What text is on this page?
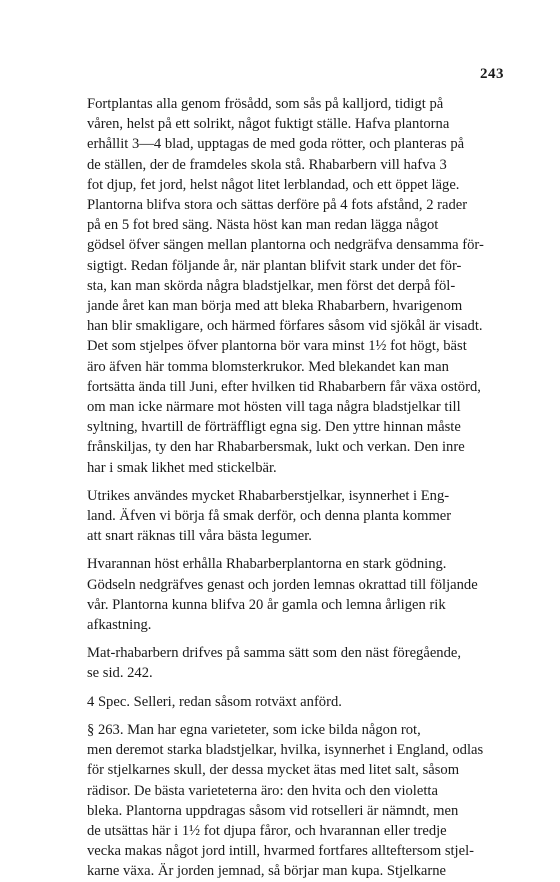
243
Fortplantas alla genom frösådd, som sås på kalljord, tidigt på
våren, helst på ett solrikt, något fuktigt ställe. Hafva plantorna
erhållit 3—4 blad, upptagas de med goda rötter, och planteras på
de ställen, der de framdeles skola stå. Rhabarbern vill hafva 3
fot djup, fet jord, helst något litet lerblandad, och ett öppet läge.
Plantorna blifva stora och sättas derföre på 4 fots afstånd, 2 rader
på en 5 fot bred säng. Nästa höst kan man redan lägga något
gödsel öfver sängen mellan plantorna och nedgräfva densamma för-
sigtigt. Redan följande år, när plantan blifvit stark under det för-
sta, kan man skörda några bladstjelkar, men först det derpå föl-
jande året kan man börja med att bleka Rhabarbern, hvarigenom
han blir smakligare, och härmed förfares såsom vid sjökål är visadt.
Det som stjelpes öfver plantorna bör vara minst 1½ fot högt, bäst
äro äfven här tomma blomsterkrukor. Med blekandet kan man
fortsätta ända till Juni, efter hvilken tid Rhabarbern får växa ostörd,
om man icke närmare mot hösten vill taga några bladstjelkar till
syltning, hvartill de förträffligt egna sig. Den yttre hinnan måste
frånskiljas, ty den har Rhabarbersmak, lukt och verkan. Den inre
har i smak likhet med stickelbär.
Utrikes användes mycket Rhabarberstjelkar, isynnerhet i Eng-
land. Äfven vi börja få smak derför, och denna planta kommer
att snart räknas till våra bästa legumer.
Hvarannan höst erhålla Rhabarberplantorna en stark gödning.
Gödseln nedgräfves genast och jorden lemnas okrattad till följande
vår. Plantorna kunna blifva 20 år gamla och lemna årligen rik
afkastning.
Mat-rhabarbern drifves på samma sätt som den näst föregående,
se sid. 242.
4 Spec. Selleri, redan såsom rotväxt anförd.
§ 263. Man har egna varieteter, som icke bilda någon rot,
men deremot starka bladstjelkar, hvilka, isynnerhet i England, odlas
för stjelkarnes skull, der dessa mycket ätas med litet salt, såsom
rädisor. De bästa varieteterna äro: den hvita och den violetta
bleka. Plantorna uppdragas såsom vid rotselleri är nämndt, men
de utsättas här i 1½ fot djupa fåror, och hvarannan eller tredje
vecka makas något jord intill, hvarmed fortfares allteftersom stjel-
karne växa. Är jorden jemnad, så börjar man kupa. Stjelkarne
